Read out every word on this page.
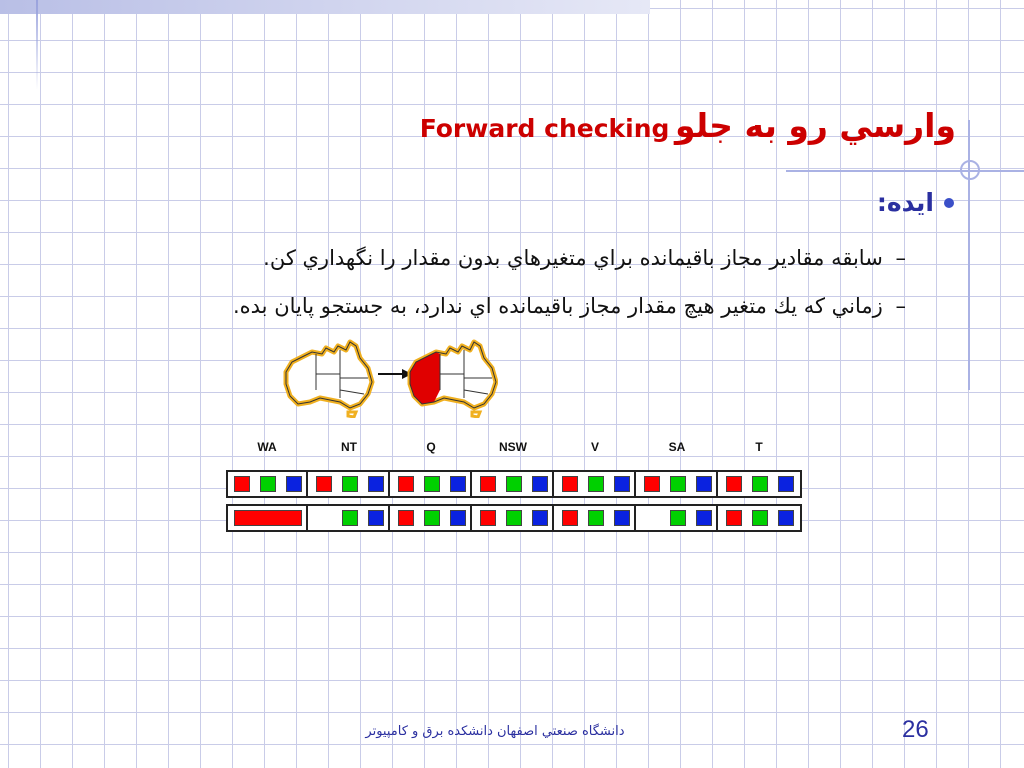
Forward checking وارسي رو به جلو
ايده:
– سابقه مقادير مجاز باقيمانده براي متغيرهاي بدون مقدار را نگهداري كن.
– زماني كه يك متغير هيچ مقدار مجاز باقيمانده اي ندارد، به جستجو پايان بده.
WA	NT	Q	NSW	V	SA	T
دانشگاه صنعتي اصفهان دانشكده برق و كامپيوتر	26
